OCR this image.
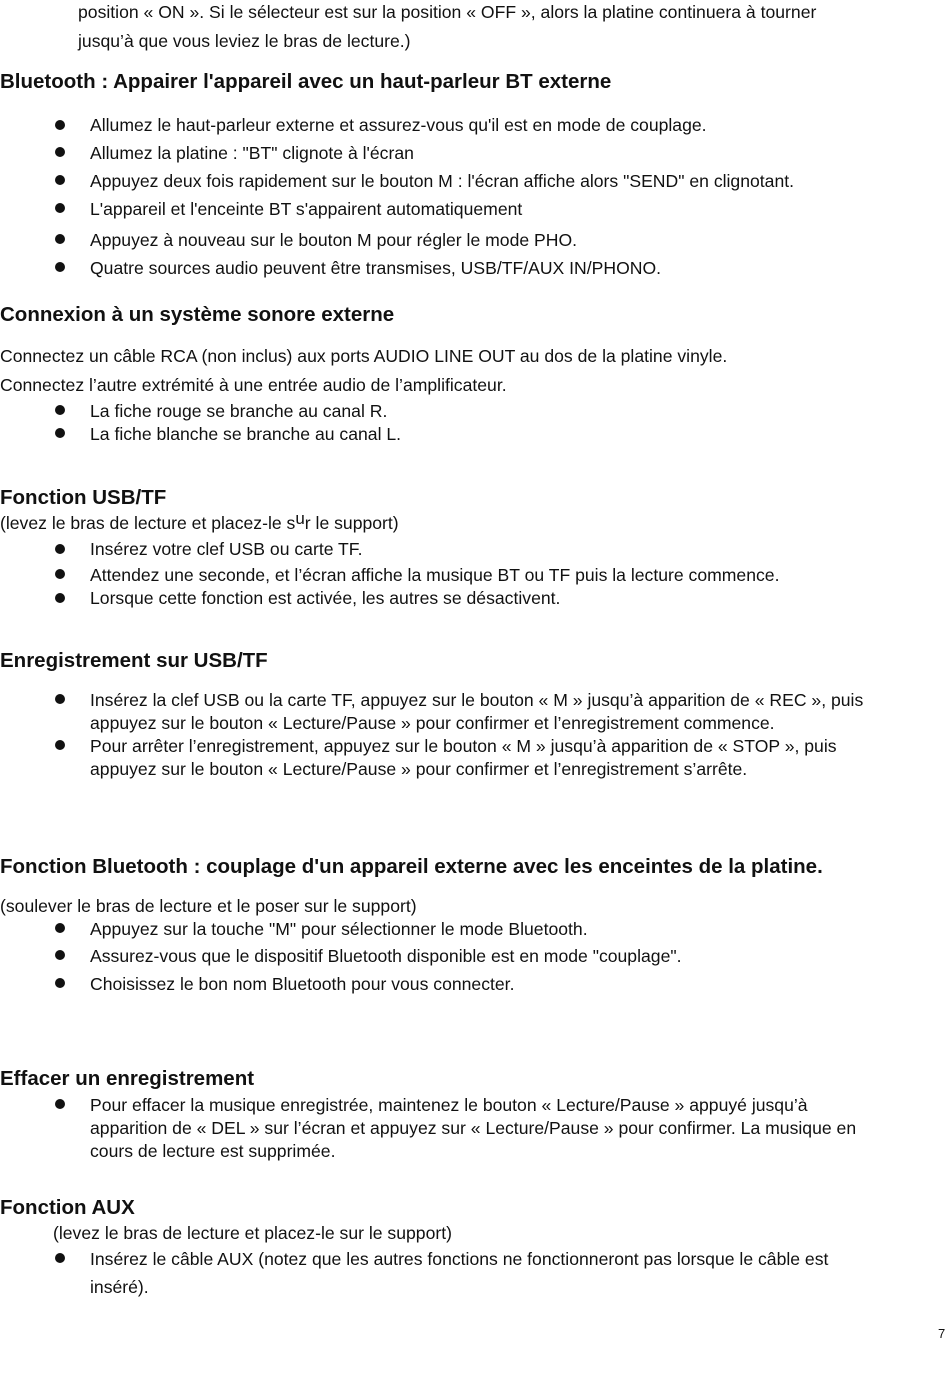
position « ON ». Si le sélecteur est sur la position « OFF », alors la platine continuera à tourner
jusqu’à que vous leviez le bras de lecture.)
Bluetooth : Appairer l'appareil avec un haut-parleur BT externe
Allumez le haut-parleur externe et assurez-vous qu'il est en mode de couplage.
Allumez la platine : "BT" clignote à l'écran
Appuyez deux fois rapidement sur le bouton M : l'écran affiche alors "SEND" en clignotant.
L'appareil et l'enceinte BT s'appairent automatiquement
Appuyez à nouveau sur le bouton M pour régler le mode PHO.
Quatre sources audio peuvent être transmises, USB/TF/AUX IN/PHONO.
Connexion à un système sonore externe
Connectez un câble RCA (non inclus) aux ports AUDIO LINE OUT au dos de la platine vinyle.
Connectez l’autre extrémité à une entrée audio de l’amplificateur.
La fiche rouge se branche au canal R.
La fiche blanche se branche au canal L.
Fonction USB/TF
(levez le bras de lecture et placez-le sur le support)
Insérez votre clef USB ou carte TF.
Attendez une seconde, et l’écran affiche la musique BT ou TF puis la lecture commence.
Lorsque cette fonction est activée, les autres se désactivent.
Enregistrement sur USB/TF
Insérez la clef USB ou la carte TF, appuyez sur le bouton « M » jusqu’à apparition de « REC », puis
appuyez sur le bouton « Lecture/Pause » pour confirmer et l’enregistrement commence.
Pour arrêter l’enregistrement, appuyez sur le bouton « M » jusqu’à apparition de « STOP », puis
appuyez sur le bouton « Lecture/Pause » pour confirmer et l’enregistrement s’arrête.
Fonction Bluetooth : couplage d'un appareil externe avec les enceintes de la platine.
(soulever le bras de lecture et le poser sur le support)
Appuyez sur la touche "M" pour sélectionner le mode Bluetooth.
Assurez-vous que le dispositif Bluetooth disponible est en mode "couplage".
Choisissez le bon nom Bluetooth pour vous connecter.
Effacer un enregistrement
Pour effacer la musique enregistrée, maintenez le bouton « Lecture/Pause » appuyé jusqu’à
apparition de « DEL » sur l’écran et appuyez sur « Lecture/Pause » pour confirmer. La musique en
cours de lecture est supprimée.
Fonction AUX
(levez le bras de lecture et placez-le sur le support)
Insérez le câble AUX (notez que les autres fonctions ne fonctionneront pas lorsque le câble est
inséré).
7
